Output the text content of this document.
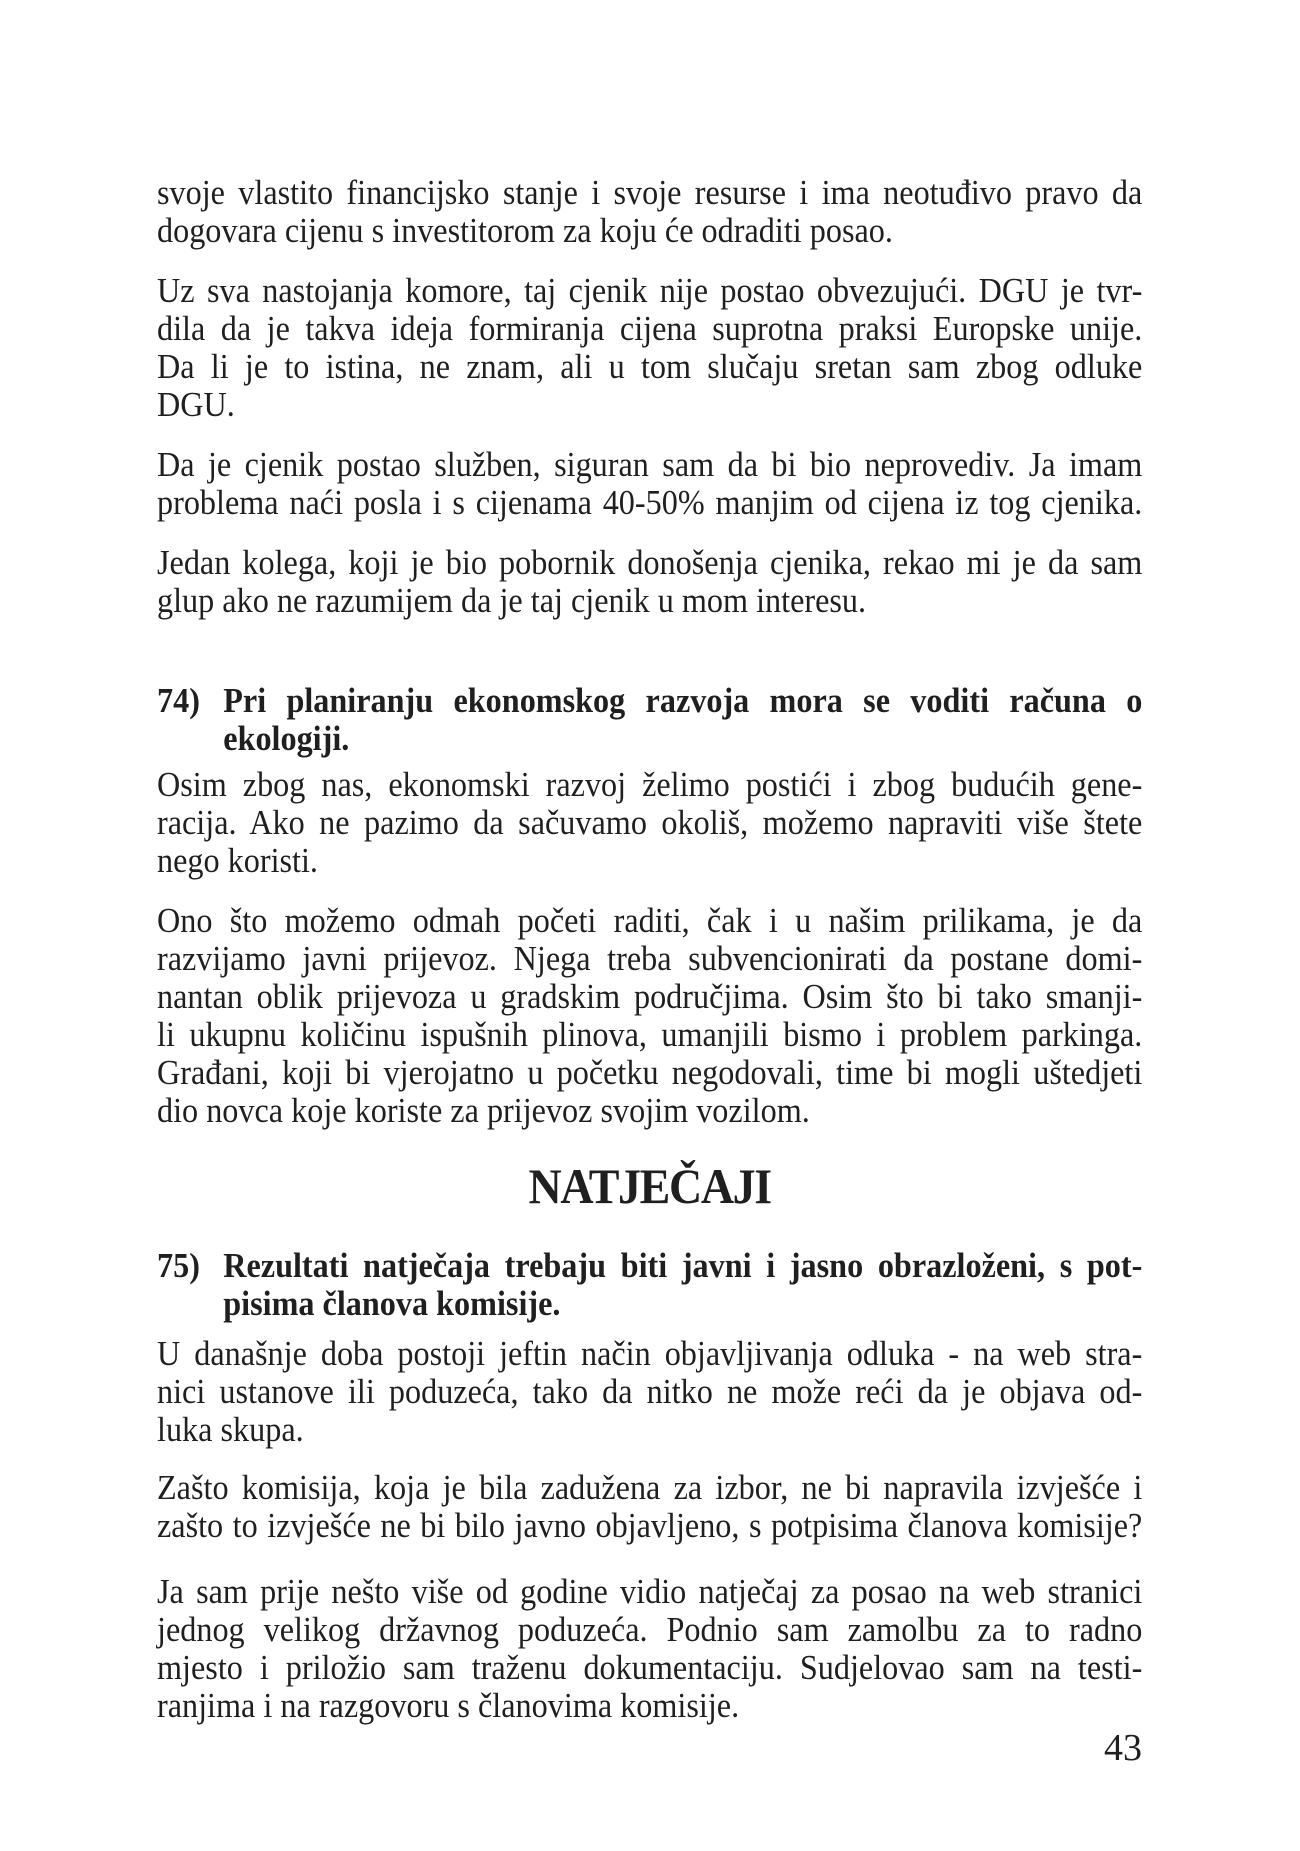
svoje vlastito financijsko stanje i svoje resurse i ima neotuđivo pravo da
dogovara cijenu s investitorom za koju će odraditi posao.

Uz sva nastojanja komore, taj cjenik nije postao obvezujući. DGU je tvr-
dila da je takva ideja formiranja cijena suprotna praksi Europske unije.
Da li je to istina, ne znam, ali u tom slučaju sretan sam zbog odluke
DGU.

Da je cjenik postao služben, siguran sam da bi bio neprovediv. Ja imam
problema naći posla i s cijenama 40-50% manjim od cijena iz tog cjenika.

Jedan kolega, koji je bio pobornik donošenja cjenika, rekao mi je da sam
glup ako ne razumijem da je taj cjenik u mom interesu.

74) Pri planiranju ekonomskog razvoja mora se voditi računa o
ekologiji.

Osim zbog nas, ekonomski razvoj želimo postići i zbog budućih gene-
racija. Ako ne pazimo da sačuvamo okoliš, možemo napraviti više štete
nego koristi.

Ono što možemo odmah početi raditi, čak i u našim prilikama, je da
razvijamo javni prijevoz. Njega treba subvencionirati da postane domi-
nantan oblik prijevoza u gradskim područjima. Osim što bi tako smanji-
li ukupnu količinu ispušnih plinova, umanjili bismo i problem parkinga.
Građani, koji bi vjerojatno u početku negodovali, time bi mogli uštedjeti
dio novca koje koriste za prijevoz svojim vozilom.

NATJEČAJI

75) Rezultati natječaja trebaju biti javni i jasno obrazloženi, s pot-
pisima članova komisije.

U današnje doba postoji jeftin način objavljivanja odluka - na web stra-
nici ustanove ili poduzeća, tako da nitko ne može reći da je objava od-
luka skupa.

Zašto komisija, koja je bila zadužena za izbor, ne bi napravila izvješće i
zašto to izvješće ne bi bilo javno objavljeno, s potpisima članova komisije?

Ja sam prije nešto više od godine vidio natječaj za posao na web stranici
jednog velikog državnog poduzeća. Podnio sam zamolbu za to radno
mjesto i priložio sam traženu dokumentaciju. Sudjelovao sam na testi-
ranjima i na razgovoru s članovima komisije.

43
